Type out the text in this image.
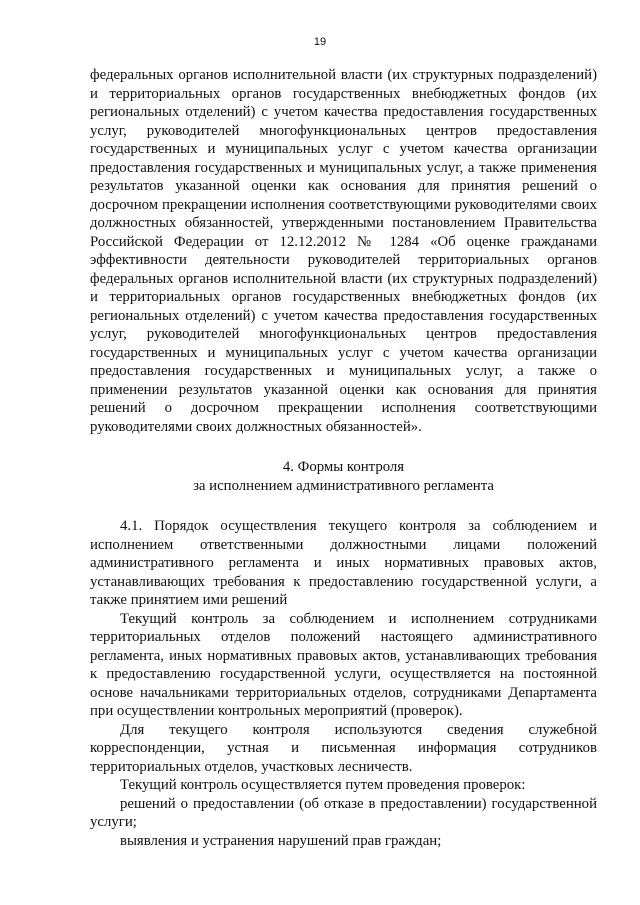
19

федеральных органов исполнительной власти (их структурных подразделений) и территориальных органов государственных внебюджетных фондов (их региональных отделений) с учетом качества предоставления государственных услуг, руководителей многофункциональных центров предоставления государственных и муниципальных услуг с учетом качества организации предоставления государственных и муниципальных услуг, а также применения результатов указанной оценки как основания для принятия решений о досрочном прекращении исполнения соответствующими руководителями своих должностных обязанностей, утвержденными постановлением Правительства Российской Федерации от 12.12.2012 № 1284 «Об оценке гражданами эффективности деятельности руководителей территориальных органов федеральных органов исполнительной власти (их структурных подразделений) и территориальных органов государственных внебюджетных фондов (их региональных отделений) с учетом качества предоставления государственных услуг, руководителей многофункциональных центров предоставления государственных и муниципальных услуг с учетом качества организации предоставления государственных и муниципальных услуг, а также о применении результатов указанной оценки как основания для принятия решений о досрочном прекращении исполнения соответствующими руководителями своих должностных обязанностей».

4. Формы контроля

за исполнением административного регламента

4.1. Порядок осуществления текущего контроля за соблюдением и исполнением ответственными должностными лицами положений административного регламента и иных нормативных правовых актов, устанавливающих требования к предоставлению государственной услуги, а также принятием ими решений

Текущий контроль за соблюдением и исполнением сотрудниками территориальных отделов положений настоящего административного регламента, иных нормативных правовых актов, устанавливающих требования к предоставлению государственной услуги, осуществляется на постоянной основе начальниками территориальных отделов, сотрудниками Департамента при осуществлении контрольных мероприятий (проверок).

Для текущего контроля используются сведения служебной корреспонденции, устная и письменная информация сотрудников территориальных отделов, участковых лесничеств.

Текущий контроль осуществляется путем проведения проверок:

решений о предоставлении (об отказе в предоставлении) государственной услуги;

выявления и устранения нарушений прав граждан;
